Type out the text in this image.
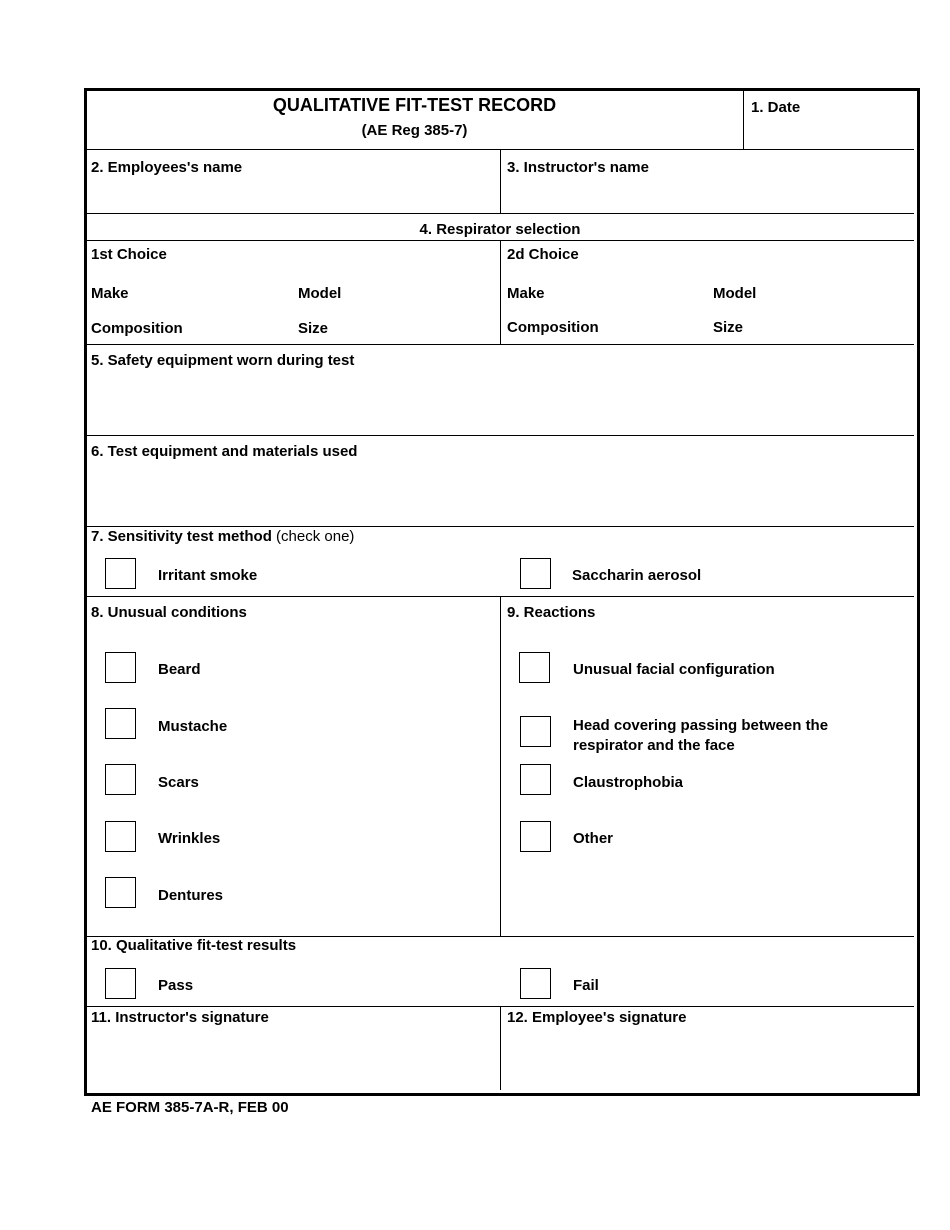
QUALITATIVE FIT-TEST RECORD
(AE Reg 385-7)
1. Date
2. Employees's name	3. Instructor's name
4. Respirator selection
1st Choice
Make	Model
Composition	Size
2d Choice
Make	Model
Composition	Size
5. Safety equipment worn during test
6. Test equipment and materials used
7. Sensitivity test method (check one)
Irritant smoke	Saccharin aerosol
8. Unusual conditions
Beard
Mustache
Scars
Wrinkles
Dentures
9. Reactions
Unusual facial configuration
Head covering passing between the
respirator and the face
Claustrophobia
Other
10. Qualitative fit-test results
Pass	Fail
11. Instructor's signature	12. Employee's signature
AE FORM 385-7A-R, FEB 00
